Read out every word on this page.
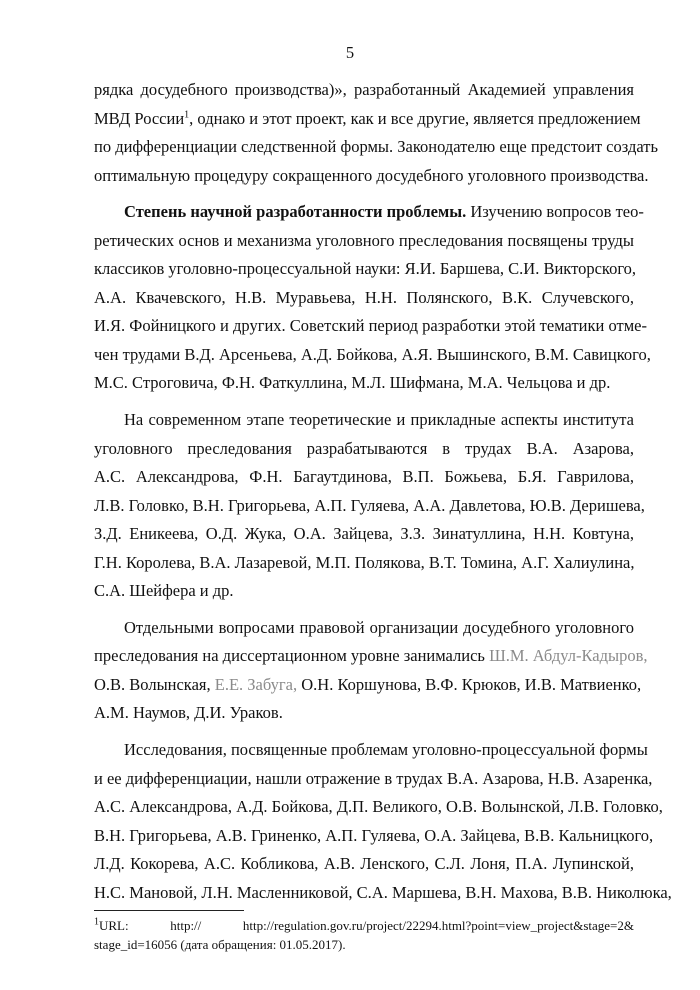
5
рядка досудебного производства)», разработанный Академией управления
МВД России$^1$, однако и этот проект, как и все другие, является предложением
по дифференциации следственной формы. Законодателю еще предстоит создать
оптимальную процедуру сокращенного досудебного уголовного производства.
Степень научной разработанности проблемы. Изучению вопросов тео-
ретических основ и механизма уголовного преследования посвящены труды
классиков уголовно-процессуальной науки: Я.И. Баршева, С.И. Викторского,
А.А. Квачевского, Н.В. Муравьева, Н.Н. Полянского, В.К. Случевского,
И.Я. Фойницкого и других. Советский период разработки этой тематики отме-
чен трудами В.Д. Арсеньева, А.Д. Бойкова, А.Я. Вышинского, В.М. Савицкого,
М.С. Строговича, Ф.Н. Фаткуллина, М.Л. Шифмана, М.А. Чельцова и др.
На современном этапе теоретические и прикладные аспекты института
уголовного преследования разрабатываются в трудах В.А. Азарова,
А.С. Александрова, Ф.Н. Багаутдинова, В.П. Божьева, Б.Я. Гаврилова,
Л.В. Головко, В.Н. Григорьева, А.П. Гуляева, А.А. Давлетова, Ю.В. Деришева,
З.Д. Еникеева, О.Д. Жука, О.А. Зайцева, З.З. Зинатуллина, Н.Н. Ковтуна,
Г.Н. Королева, В.А. Лазаревой, М.П. Полякова, В.Т. Томина, А.Г. Халиулина,
С.А. Шейфера и др.
Отдельными вопросами правовой организации досудебного уголовного
преследования на диссертационном уровне занимались Ш.М. Абдул-Кадыров,
О.В. Волынская, Е.Е. Забуга, О.Н. Коршунова, В.Ф. Крюков, И.В. Матвиенко,
А.М. Наумов, Д.И. Ураков.
Исследования, посвященные проблемам уголовно-процессуальной формы
и ее дифференциации, нашли отражение в трудах В.А. Азарова, Н.В. Азаренка,
А.С. Александрова, А.Д. Бойкова, Д.П. Великого, О.В. Волынской, Л.В. Головко,
В.Н. Григорьева, А.В. Гриненко, А.П. Гуляева, О.А. Зайцева, В.В. Кальницкого,
Л.Д. Кокорева, А.С. Кобликова, А.В. Ленского, С.Л. Лоня, П.А. Лупинской,
Н.С. Мановой, Л.Н. Масленниковой, С.А. Маршева, В.Н. Махова, В.В. Николюка,
$^1$URL: http:// http://regulation.gov.ru/project/22294.html?point=view_project&stage=2&
stage_id=16056 (дата обращения: 01.05.2017).
